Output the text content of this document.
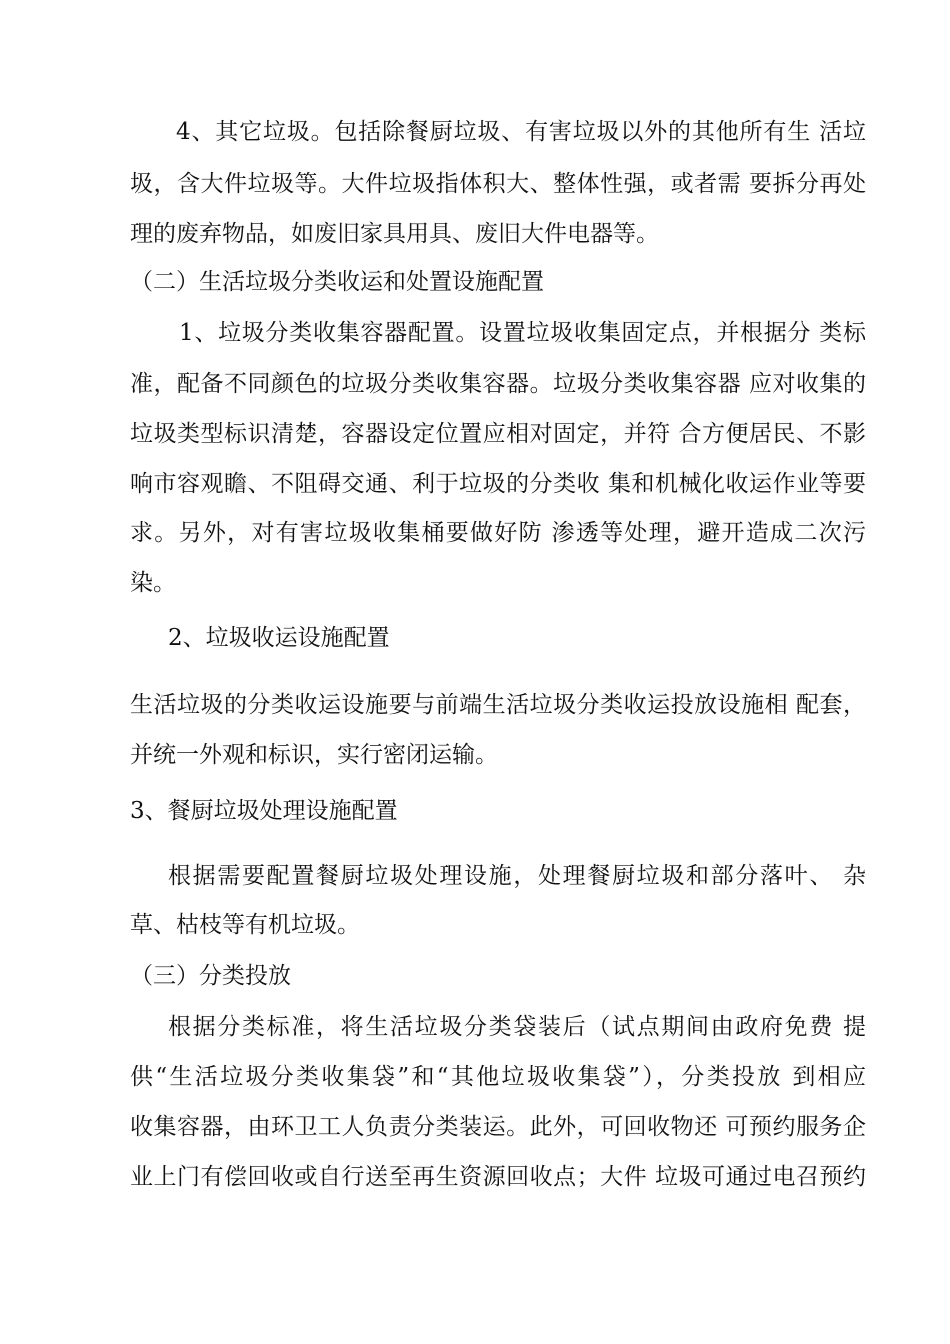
4、其它垃圾。包括除餐厨垃圾、有害垃圾以外的其他所有生 活垃
圾，含大件垃圾等。大件垃圾指体积大、整体性强，或者需 要拆分再处
理的废弃物品，如废旧家具用具、废旧大件电器等。
（二）生活垃圾分类收运和处置设施配置
1、垃圾分类收集容器配置。设置垃圾收集固定点，并根据分 类标
准，配备不同颜色的垃圾分类收集容器。垃圾分类收集容器 应对收集的
垃圾类型标识清楚，容器设定位置应相对固定，并符 合方便居民、不影
响市容观瞻、不阻碍交通、利于垃圾的分类收 集和机械化收运作业等要
求。另外，对有害垃圾收集桶要做好防 渗透等处理，避开造成二次污
染。
2、垃圾收运设施配置
生活垃圾的分类收运设施要与前端生活垃圾分类收运投放设施相 配套，
并统一外观和标识，实行密闭运输。
3、餐厨垃圾处理设施配置
根据需要配置餐厨垃圾处理设施，处理餐厨垃圾和部分落叶、 杂
草、枯枝等有机垃圾。
（三）分类投放
根据分类标准，将生活垃圾分类袋装后（试点期间由政府免费 提
供“生活垃圾分类收集袋”和“其他垃圾收集袋”），分类投放 到相应
收集容器，由环卫工人负责分类装运。此外，可回收物还 可预约服务企
业上门有偿回收或自行送至再生资源回收点；大件 垃圾可通过电召预约
